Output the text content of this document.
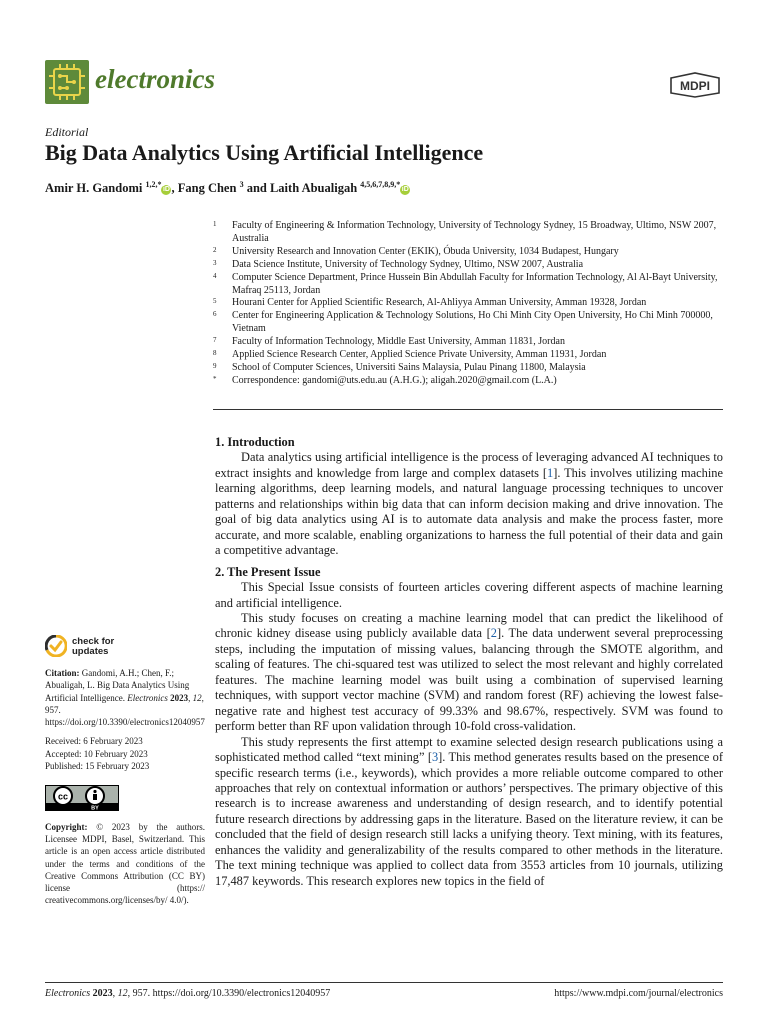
electronics	MDPI
Editorial
Big Data Analytics Using Artificial Intelligence
Amir H. Gandomi $^{1,2,*}$iD , Fang Chen $^3$ and Laith Abualigah $^{4,5,6,7,8,9,*}$iD
1 Faculty of Engineering & Information Technology, University of Technology Sydney, 15 Broadway, Ultimo, NSW 2007, Australia
2 University Research and Innovation Center (EKIK), Óbuda University, 1034 Budapest, Hungary
3 Data Science Institute, University of Technology Sydney, Ultimo, NSW 2007, Australia
4 Computer Science Department, Prince Hussein Bin Abdullah Faculty for Information Technology, Al Al-Bayt University, Mafraq 25113, Jordan
5 Hourani Center for Applied Scientific Research, Al-Ahliyya Amman University, Amman 19328, Jordan
6 Center for Engineering Application & Technology Solutions, Ho Chi Minh City Open University, Ho Chi Minh 700000, Vietnam
7 Faculty of Information Technology, Middle East University, Amman 11831, Jordan
8 Applied Science Research Center, Applied Science Private University, Amman 11931, Jordan
9 School of Computer Sciences, Universiti Sains Malaysia, Pulau Pinang 11800, Malaysia
* Correspondence: gandomi@uts.edu.au (A.H.G.); aligah.2020@gmail.com (L.A.)
check for
updates
Citation: Gandomi, A.H.; Chen, F.; Abualigah, L. Big Data Analytics Using Artificial Intelligence. Electronics 2023, 12, 957. https://doi.org/10.3390/electronics12040957
Received: 6 February 2023
Accepted: 10 February 2023
Published: 15 February 2023
cc
BY
Copyright: © 2023 by the authors. Licensee MDPI, Basel, Switzerland. This article is an open access article distributed under the terms and conditions of the Creative Commons Attribution (CC BY) license (https:// creativecommons.org/licenses/by/ 4.0/).
1. Introduction

Data analytics using artificial intelligence is the process of leveraging advanced AI techniques to extract insights and knowledge from large and complex datasets [1]. This involves utilizing machine learning algorithms, deep learning models, and natural language processing techniques to uncover patterns and relationships within big data that can inform decision making and drive innovation. The goal of big data analytics using AI is to automate data analysis and make the process faster, more accurate, and more scalable, enabling organizations to harness the full potential of their data and gain a competitive advantage.

2. The Present Issue

This Special Issue consists of fourteen articles covering different aspects of machine learning and artificial intelligence.

This study focuses on creating a machine learning model that can predict the likelihood of chronic kidney disease using publicly available data [2]. The data underwent several preprocessing steps, including the imputation of missing values, balancing through the SMOTE algorithm, and scaling of features. The chi-squared test was utilized to select the most relevant and highly correlated features. The machine learning model was built using a combination of supervised learning techniques, with support vector machine (SVM) and random forest (RF) achieving the lowest false-negative rate and highest test accuracy of 99.33% and 98.67%, respectively. SVM was found to perform better than RF upon validation through 10-fold cross-validation.

This study represents the first attempt to examine selected design research publications using a sophisticated method called “text mining” [3]. This method generates results based on the presence of specific research terms (i.e., keywords), which provides a more reliable outcome compared to other approaches that rely on contextual information or authors’ perspectives. The primary objective of this research is to increase awareness and understanding of design research, and to identify potential future research directions by addressing gaps in the literature. Based on the literature review, it can be concluded that the field of design research still lacks a unifying theory. Text mining, with its features, enhances the validity and generalizability of the results compared to other methods in the literature. The text mining technique was applied to collect data from 3553 articles from 10 journals, utilizing 17,487 keywords. This research explores new topics in the field of

Electronics 2023, 12, 957. https://doi.org/10.3390/electronics12040957	https://www.mdpi.com/journal/electronics
